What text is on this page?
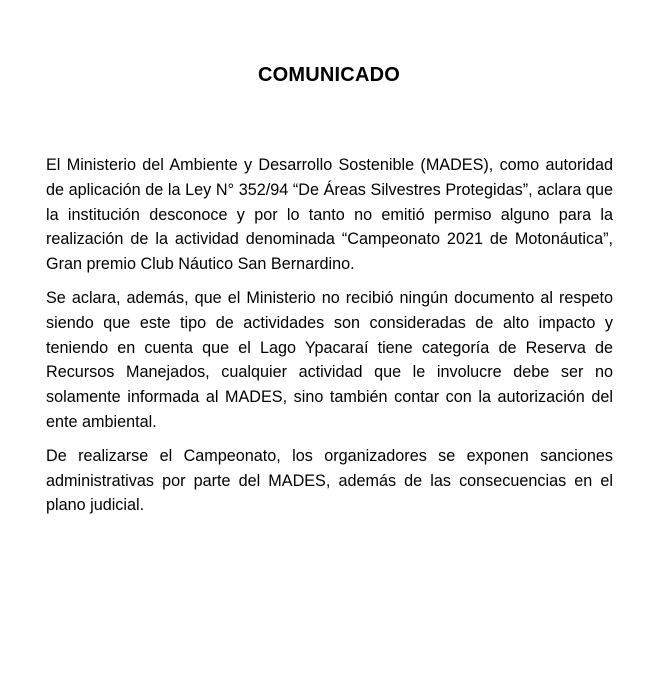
COMUNICADO

El Ministerio del Ambiente y Desarrollo Sostenible (MADES), como autoridad de aplicación de la Ley N° 352/94 “De Áreas Silvestres Protegidas”, aclara que la institución desconoce y por lo tanto no emitió permiso alguno para la realización de la actividad denominada “Campeonato 2021 de Motonáutica”, Gran premio Club Náutico San Bernardino.

Se aclara, además, que el Ministerio no recibió ningún documento al respeto siendo que este tipo de actividades son consideradas de alto impacto y teniendo en cuenta que el Lago Ypacaraí tiene categoría de Reserva de Recursos Manejados, cualquier actividad que le involucre debe ser no solamente informada al MADES, sino también contar con la autorización del ente ambiental.

De realizarse el Campeonato, los organizadores se exponen sanciones administrativas por parte del MADES, además de las consecuencias en el plano judicial.
